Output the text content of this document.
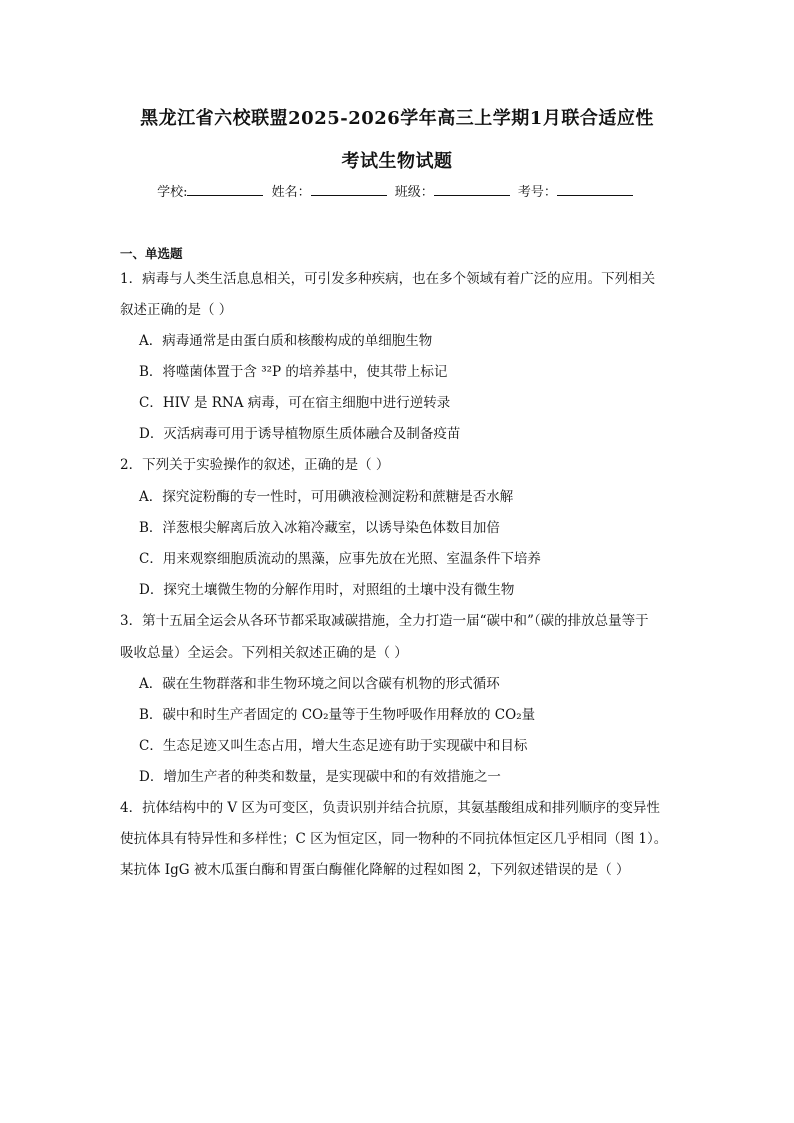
黑龙江省六校联盟2025-2026学年高三上学期1月联合适应性
考试生物试题
学校:	姓名：	班级：	考号：
一、单选题
1．病毒与人类生活息息相关，可引发多种疾病，也在多个领域有着广泛的应用。下列相关
叙述正确的是（ ）
A．病毒通常是由蛋白质和核酸构成的单细胞生物
B．将噬菌体置于含 ³²P 的培养基中，使其带上标记
C．HIV 是 RNA 病毒，可在宿主细胞中进行逆转录
D．灭活病毒可用于诱导植物原生质体融合及制备疫苗
2．下列关于实验操作的叙述，正确的是（ ）
A．探究淀粉酶的专一性时，可用碘液检测淀粉和蔗糖是否水解
B．洋葱根尖解离后放入冰箱冷藏室，以诱导染色体数目加倍
C．用来观察细胞质流动的黑藻，应事先放在光照、室温条件下培养
D．探究土壤微生物的分解作用时，对照组的土壤中没有微生物
3．第十五届全运会从各环节都采取减碳措施，全力打造一届“碳中和”（碳的排放总量等于
吸收总量）全运会。下列相关叙述正确的是（ ）
A．碳在生物群落和非生物环境之间以含碳有机物的形式循环
B．碳中和时生产者固定的 CO₂量等于生物呼吸作用释放的 CO₂量
C．生态足迹又叫生态占用，增大生态足迹有助于实现碳中和目标
D．增加生产者的种类和数量，是实现碳中和的有效措施之一
4．抗体结构中的 V 区为可变区，负责识别并结合抗原，其氨基酸组成和排列顺序的变异性
使抗体具有特异性和多样性；C 区为恒定区，同一物种的不同抗体恒定区几乎相同（图 1）。
某抗体 IgG 被木瓜蛋白酶和胃蛋白酶催化降解的过程如图 2，下列叙述错误的是（ ）
